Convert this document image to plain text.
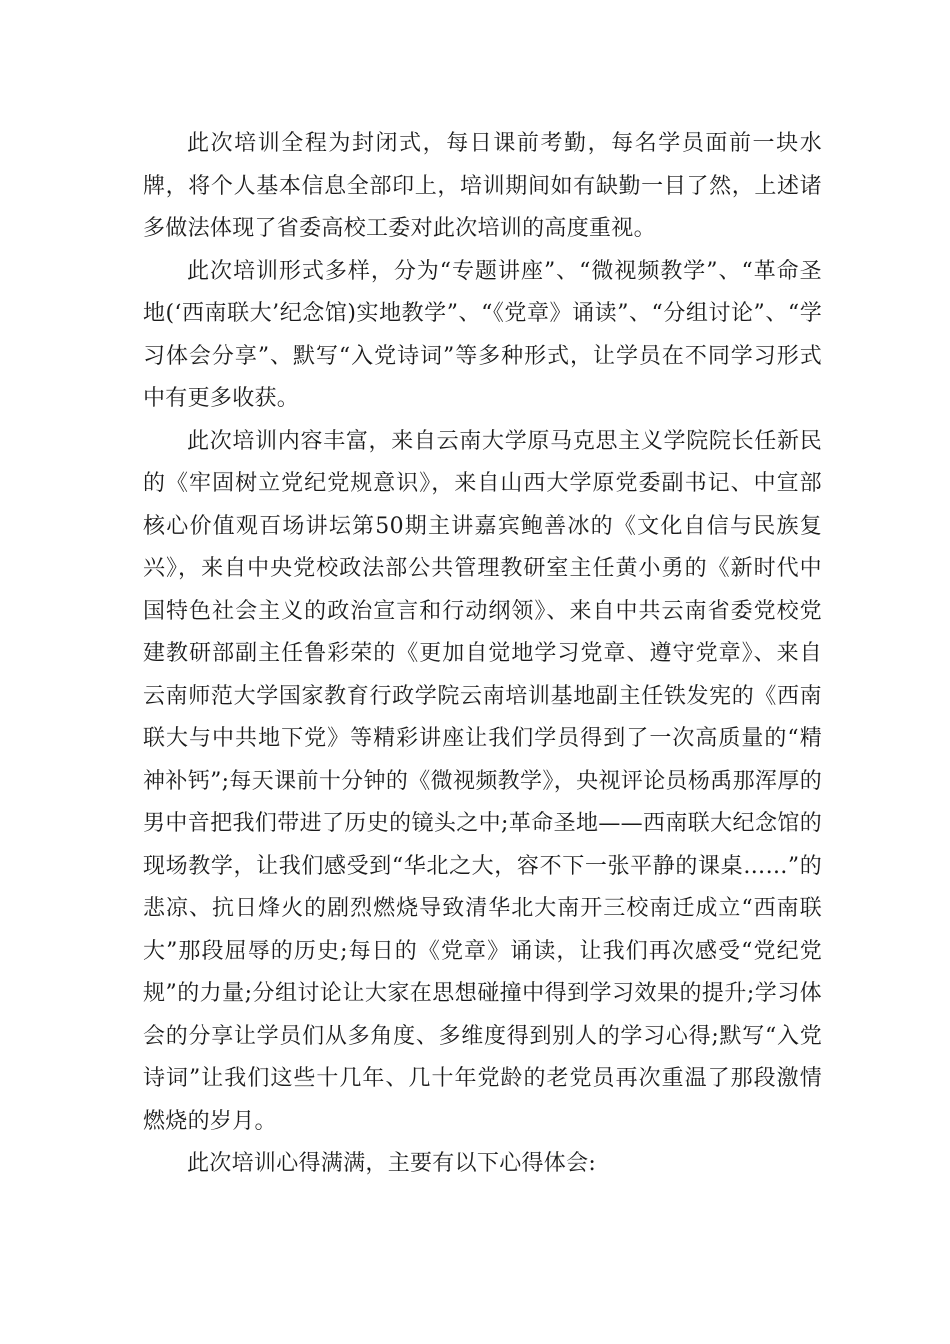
此次培训全程为封闭式，每日课前考勤，每名学员面前一块水牌，将个人基本信息全部印上，培训期间如有缺勤一目了然，上述诸多做法体现了省委高校工委对此次培训的高度重视。

此次培训形式多样，分为“专题讲座”、“微视频教学”、“革命圣地(‘西南联大’纪念馆)实地教学”、“《党章》诵读”、“分组讨论”、“学习体会分享”、默写“入党诗词”等多种形式，让学员在不同学习形式中有更多收获。

此次培训内容丰富，来自云南大学原马克思主义学院院长任新民的《牢固树立党纪党规意识》，来自山西大学原党委副书记、中宣部核心价值观百场讲坛第50期主讲嘉宾鲍善冰的《文化自信与民族复兴》，来自中央党校政法部公共管理教研室主任黄小勇的《新时代中国特色社会主义的政治宣言和行动纲领》、来自中共云南省委党校党建教研部副主任鲁彩荣的《更加自觉地学习党章、遵守党章》、来自云南师范大学国家教育行政学院云南培训基地副主任铁发宪的《西南联大与中共地下党》等精彩讲座让我们学员得到了一次高质量的“精神补钙”;每天课前十分钟的《微视频教学》，央视评论员杨禹那浑厚的男中音把我们带进了历史的镜头之中;革命圣地——西南联大纪念馆的现场教学，让我们感受到“华北之大，容不下一张平静的课桌……”的悲凉、抗日烽火的剧烈燃烧导致清华北大南开三校南迁成立“西南联大”那段屈辱的历史;每日的《党章》诵读，让我们再次感受“党纪党规”的力量;分组讨论让大家在思想碰撞中得到学习效果的提升;学习体会的分享让学员们从多角度、多维度得到别人的学习心得;默写“入党诗词”让我们这些十几年、几十年党龄的老党员再次重温了那段激情燃烧的岁月。

此次培训心得满满，主要有以下心得体会:
